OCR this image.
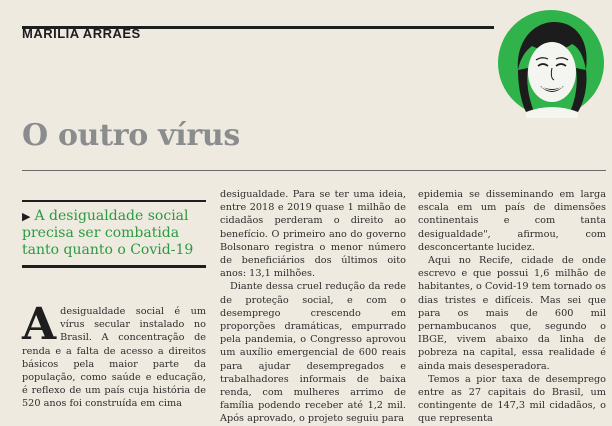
MARÍLIA ARRAES
O outro vírus

▶ A desigualdade social precisa ser combatida tanto quanto o Covid-19

Adesigualdade social é um vírus secular instalado no Brasil. A concentração de renda e a falta de acesso a direitos básicos pela maior parte da população, como saúde e educação, é reflexo de um país cuja história de 520 anos foi construída em cima

desigualdade. Para se ter uma ideia, entre 2018 e 2019 quase 1 milhão de cidadãos perderam o direito ao benefício. O primeiro ano do governo Bolsonaro registra o menor número de beneficiários dos últimos oito anos: 13,1 milhões.

Diante dessa cruel redução da rede de proteção social, e com o desemprego crescendo em proporções dramáticas, empurrado pela pandemia, o Congresso aprovou um auxílio emergencial de 600 reais para ajudar desempregados e trabalhadores informais de baixa renda, com mulheres arrimo de família podendo receber até 1,2 mil. Após aprovado, o projeto seguiu para

epidemia se disseminando em larga escala em um país de dimensões continentais e com tanta desigualdade", afirmou, com desconcertante lucidez.

Aqui no Recife, cidade de onde escrevo e que possui 1,6 milhão de habitantes, o Covid-19 tem tornado os dias tristes e difíceis. Mas sei que para os mais de 600 mil pernambucanos que, segundo o IBGE, vivem abaixo da linha de pobreza na capital, essa realidade é ainda mais desesperadora.

Temos a pior taxa de desemprego entre as 27 capitais do Brasil, um contingente de 147,3 mil cidadãos, o que representa
